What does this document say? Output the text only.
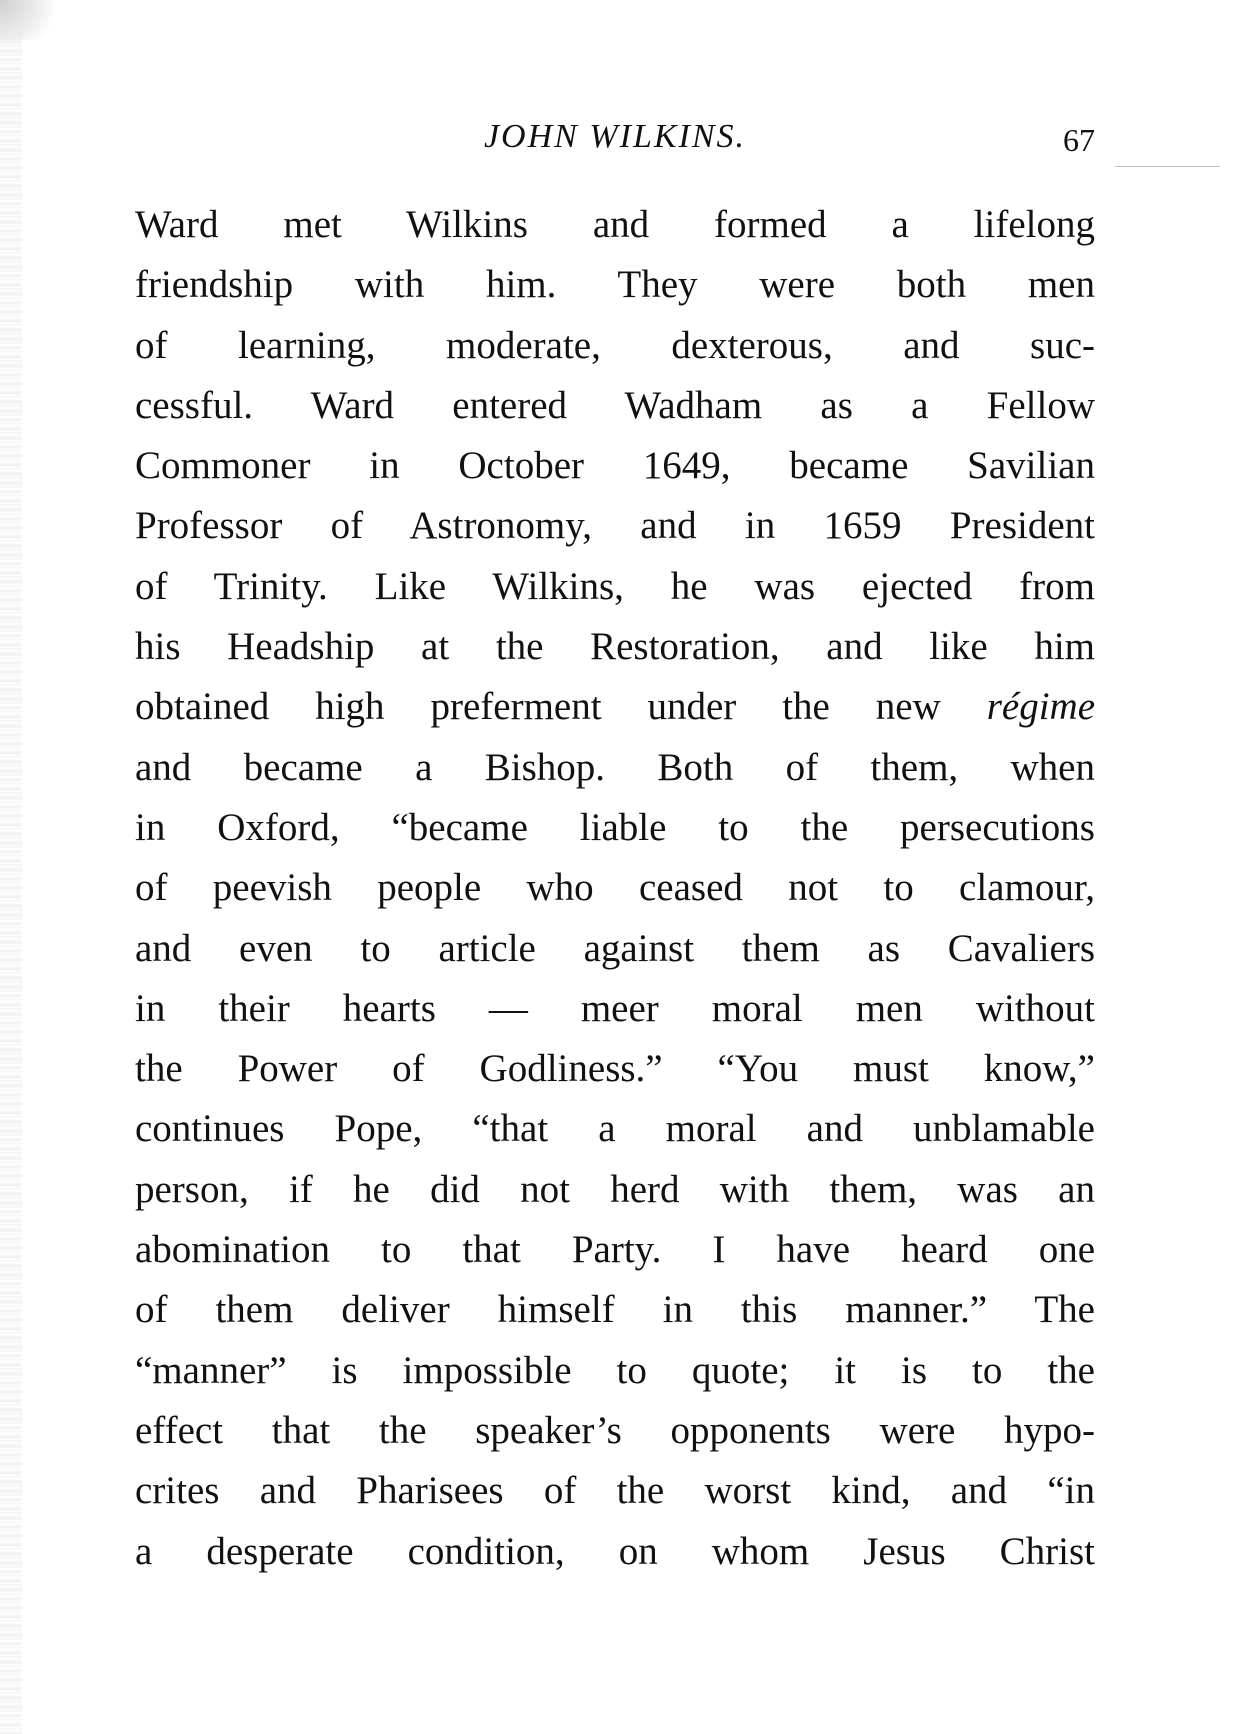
JOHN WILKINS.	67
Ward met Wilkins and formed a lifelong
friendship with him. They were both men
of learning, moderate, dexterous, and suc-
cessful. Ward entered Wadham as a Fellow
Commoner in October 1649, became Savilian
Professor of Astronomy, and in 1659 President
of Trinity. Like Wilkins, he was ejected from
his Headship at the Restoration, and like him
obtained high preferment under the new régime
and became a Bishop. Both of them, when
in Oxford, “became liable to the persecutions
of peevish people who ceased not to clamour,
and even to article against them as Cavaliers
in their hearts — meer moral men without
the Power of Godliness.” “You must know,”
continues Pope, “that a moral and unblamable
person, if he did not herd with them, was an
abomination to that Party. I have heard one
of them deliver himself in this manner.” The
“manner” is impossible to quote; it is to the
effect that the speaker’s opponents were hypo-
crites and Pharisees of the worst kind, and “in
a desperate condition, on whom Jesus Christ
